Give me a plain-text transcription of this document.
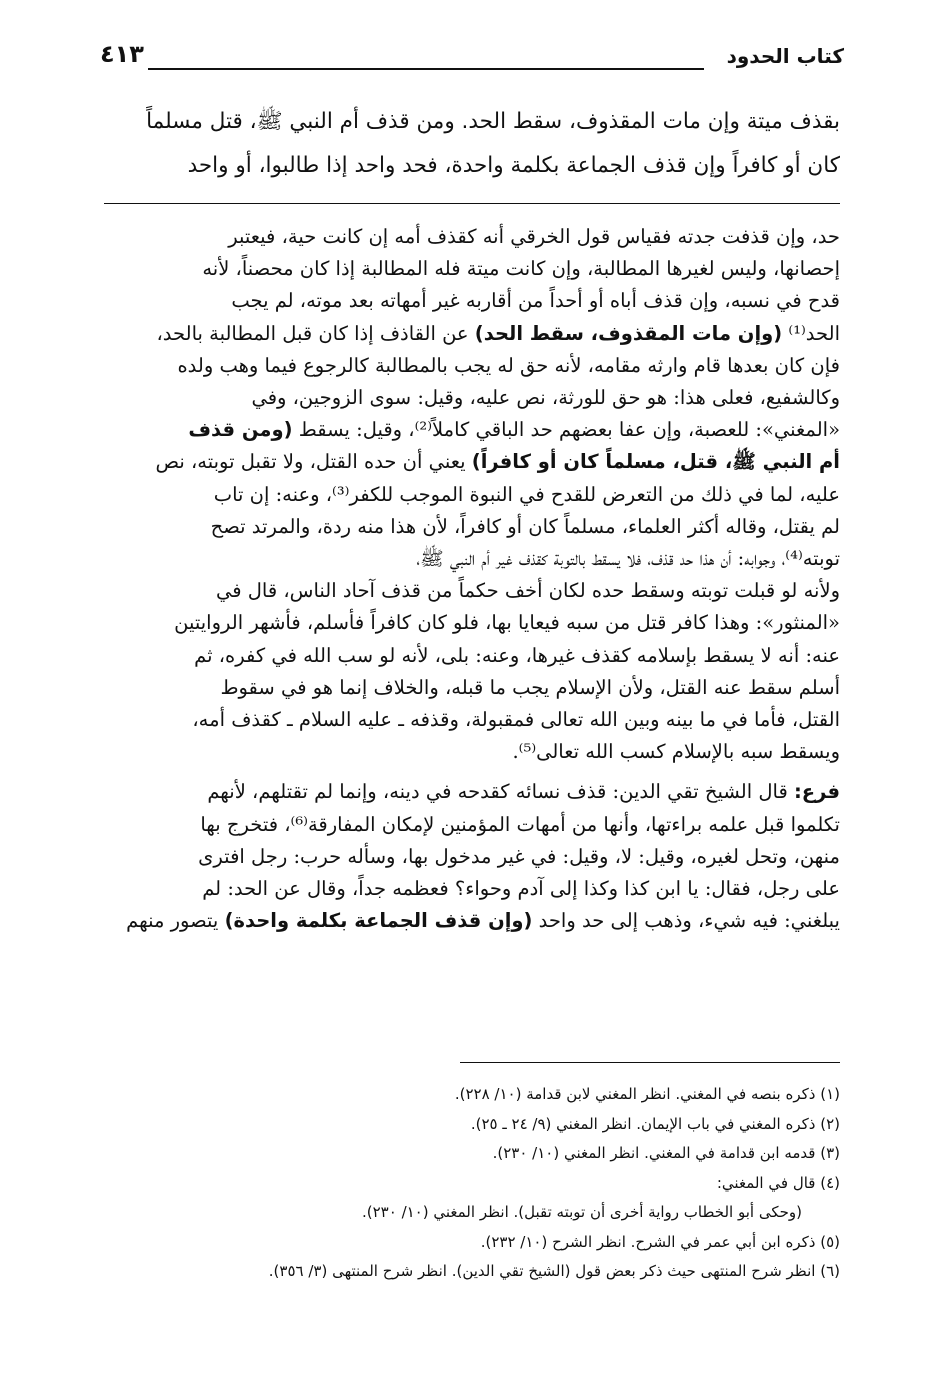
كتاب الحدود
٤١٣

بقذف ميتة وإن مات المقذوف، سقط الحد. ومن قذف أم النبي ﷺ، قتل مسلماً

كان أو كافراً وإن قذف الجماعة بكلمة واحدة، فحد واحد إذا طالبوا، أو واحد

حد، وإن قذفت جدته فقياس قول الخرقي أنه كقذف أمه إن كانت حية، فيعتبر
إحصانها، وليس لغيرها المطالبة، وإن كانت ميتة فله المطالبة إذا كان محصناً، لأنه
قدح في نسبه، وإن قذف أباه أو أحداً من أقاربه غير أمهاته بعد موته، لم يجب
الحد⁽¹⁾ (وإن مات المقذوف، سقط الحد) عن القاذف إذا كان قبل المطالبة بالحد،
فإن كان بعدها قام وارثه مقامه، لأنه حق له يجب بالمطالبة كالرجوع فيما وهب ولده
وكالشفيع، فعلى هذا: هو حق للورثة، نص عليه، وقيل: سوى الزوجين، وفي
«المغني»: للعصبة، وإن عفا بعضهم حد الباقي كاملاً⁽²⁾، وقيل: يسقط (ومن قذف
أم النبي ﷺ، قتل، مسلماً كان أو كافراً) يعني أن حده القتل، ولا تقبل توبته، نص
عليه، لما في ذلك من التعرض للقدح في النبوة الموجب للكفر⁽³⁾، وعنه: إن تاب
لم يقتل، وقاله أكثر العلماء، مسلماً كان أو كافراً، لأن هذا منه ردة، والمرتد تصح
توبته⁽⁴⁾، وجوابه: أن هذا حد قذف، فلا يسقط بالتوبة كقذف غير أم النبي ﷺ،
ولأنه لو قبلت توبته وسقط حده لكان أخف حكماً من قذف آحاد الناس، قال في
«المنثور»: وهذا كافر قتل من سبه فيعايا بها، فلو كان كافراً فأسلم، فأشهر الروايتين
عنه: أنه لا يسقط بإسلامه كقذف غيرها، وعنه: بلى، لأنه لو سب الله في كفره، ثم
أسلم سقط عنه القتل، ولأن الإسلام يجب ما قبله، والخلاف إنما هو في سقوط
القتل، فأما في ما بينه وبين الله تعالى فمقبولة، وقذفه ـ عليه السلام ـ كقذف أمه،
ويسقط سبه بالإسلام كسب الله تعالى⁽⁵⁾.

فرع: قال الشيخ تقي الدين: قذف نسائه كقدحه في دينه، وإنما لم تقتلهم، لأنهم
تكلموا قبل علمه براءتها، وأنها من أمهات المؤمنين لإمكان المفارقة⁽⁶⁾، فتخرج بها
منهن، وتحل لغيره، وقيل: لا، وقيل: في غير مدخول بها، وسأله حرب: رجل افترى
على رجل، فقال: يا ابن كذا وكذا إلى آدم وحواء؟ فعظمه جداً، وقال عن الحد: لم
يبلغني: فيه شيء، وذهب إلى حد واحد (وإن قذف الجماعة بكلمة واحدة) يتصور منهم

(١) ذكره بنصه في المغني. انظر المغني لابن قدامة (١٠/ ٢٢٨).
(٢) ذكره المغني في باب الإيمان. انظر المغني (٩/ ٢٤ ـ ٢٥).
(٣) قدمه ابن قدامة في المغني. انظر المغني (١٠/ ٢٣٠).
(٤) قال في المغني:
(وحكى أبو الخطاب رواية أخرى أن توبته تقبل). انظر المغني (١٠/ ٢٣٠).
(٥) ذكره ابن أبي عمر في الشرح. انظر الشرح (١٠/ ٢٣٢).
(٦) انظر شرح المنتهى حيث ذكر بعض قول (الشيخ تقي الدين). انظر شرح المنتهى (٣/ ٣٥٦).
